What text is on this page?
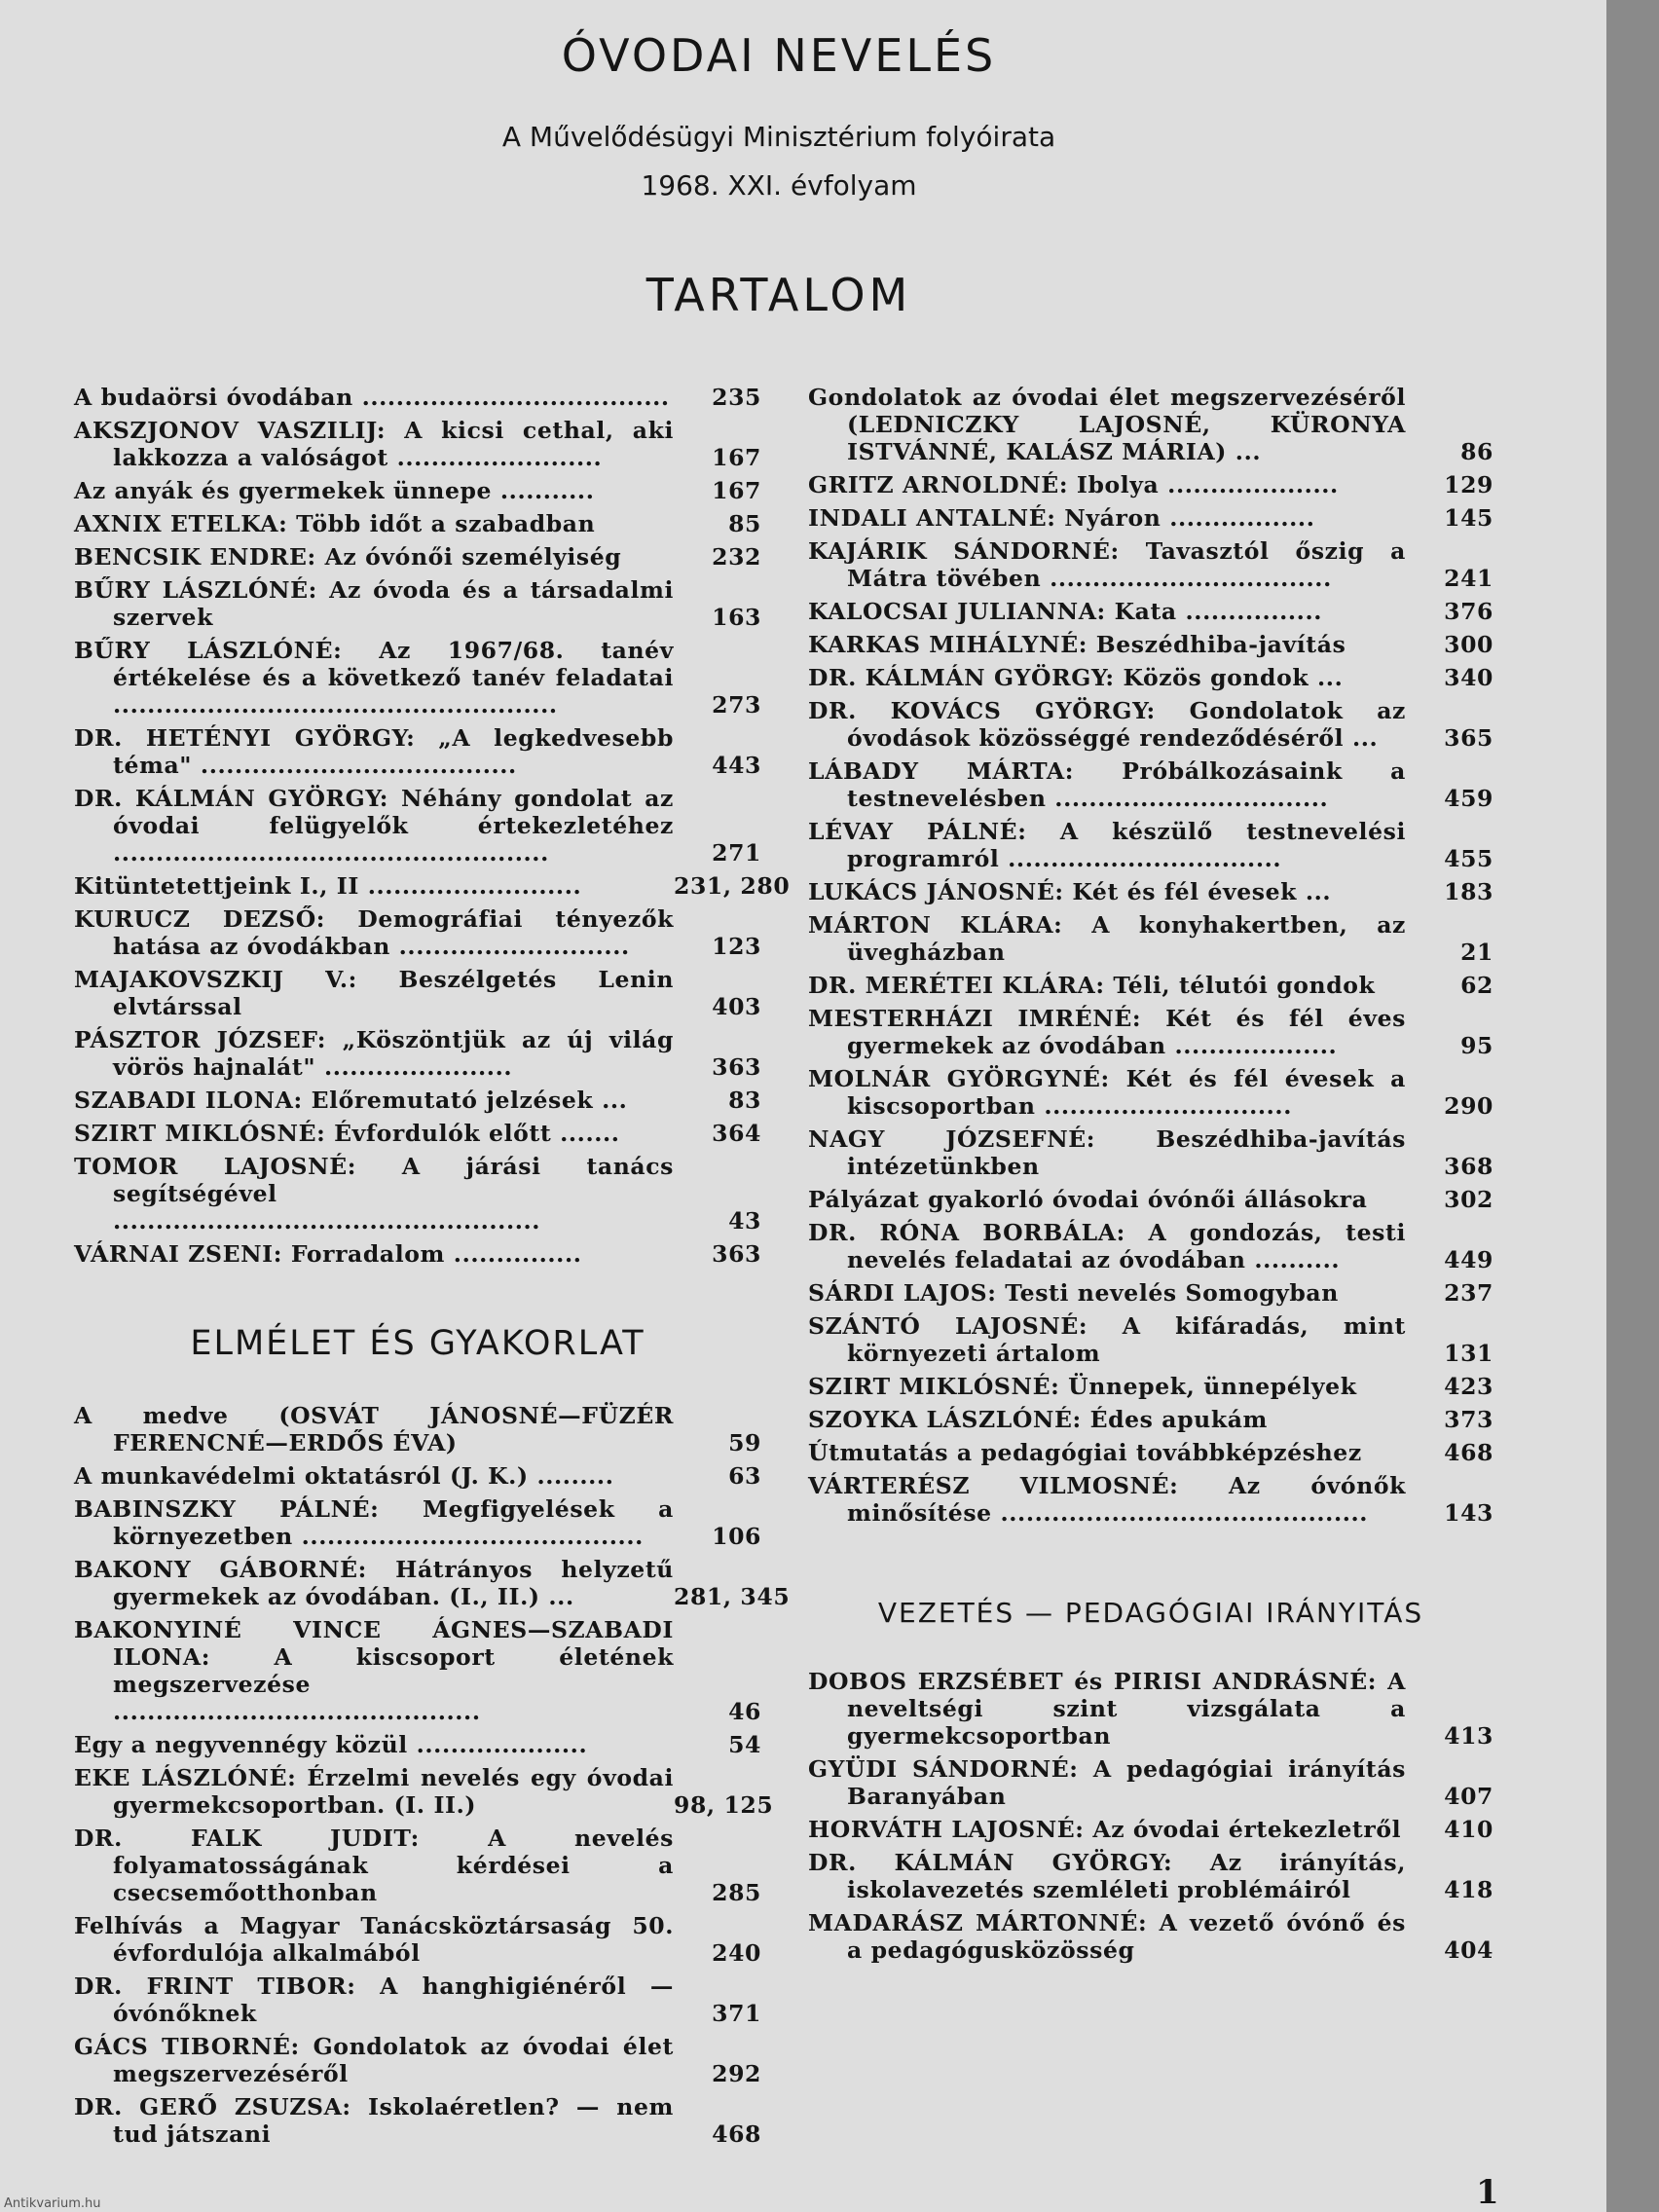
ÓVODAI NEVELÉS
A Művelődésügyi Minisztérium folyóirata
1968. XXI. évfolyam
TARTALOM
A budaörsi óvodában ....................................	235
AKSZJONOV VASZILIJ: A kicsi cethal, aki lakkozza a valóságot ........................	167
Az anyák és gyermekek ünnepe ...........	167
AXNIX ETELKA: Több időt a szabadban	85
BENCSIK ENDRE: Az óvónői személyiség	232
BŰRY LÁSZLÓNÉ: Az óvoda és a társadalmi szervek	163
BŰRY LÁSZLÓNÉ: Az 1967/68. tanév értékelése és a következő tanév feladatai ....................................................	273
DR. HETÉNYI GYÖRGY: „A legkedvesebb téma" .....................................	443
DR. KÁLMÁN GYÖRGY: Néhány gondolat az óvodai felügyelők értekezletéhez ...................................................	271
Kitüntetettjeink I., II .........................	231, 280
KURUCZ DEZSŐ: Demográfiai tényezők hatása az óvodákban ...........................	123
MAJAKOVSZKIJ V.: Beszélgetés Lenin elvtárssal	403
PÁSZTOR JÓZSEF: „Köszöntjük az új világ vörös hajnalát" ......................	363
SZABADI ILONA: Előremutató jelzések ...	83
SZIRT MIKLÓSNÉ: Évfordulók előtt .......	364
TOMOR LAJOSNÉ: A járási tanács segítségével ..................................................	43
VÁRNAI ZSENI: Forradalom ...............	363
ELMÉLET ÉS GYAKORLAT
A medve (OSVÁT JÁNOSNÉ—FÜZÉR FERENCNÉ—ERDŐS ÉVA)	59
A munkavédelmi oktatásról (J. K.) .........	63
BABINSZKY PÁLNÉ: Megfigyelések a környezetben ........................................	106
BAKONY GÁBORNÉ: Hátrányos helyzetű gyermekek az óvodában. (I., II.) ...	281, 345
BAKONYINÉ VINCE ÁGNES—SZABADI ILONA: A kiscsoport életének megszervezése ...........................................	46
Egy a negyvennégy közül ....................	54
EKE LÁSZLÓNÉ: Érzelmi nevelés egy óvodai gyermekcsoportban. (I. II.)	98, 125
DR. FALK JUDIT: A nevelés folyamatosságának kérdései a csecsemőotthonban	285
Felhívás a Magyar Tanácsköztársaság 50. évfordulója alkalmából	240
DR. FRINT TIBOR: A hanghigiénéről — óvónőknek	371
GÁCS TIBORNÉ: Gondolatok az óvodai élet megszervezéséről	292
DR. GERŐ ZSUZSA: Iskolaéretlen? — nem tud játszani	468
Gondolatok az óvodai élet megszervezéséről (LEDNICZKY LAJOSNÉ, KÜRONYA ISTVÁNNÉ, KALÁSZ MÁRIA) ...	86
GRITZ ARNOLDNÉ: Ibolya ....................	129
INDALI ANTALNÉ: Nyáron .................	145
KAJÁRIK SÁNDORNÉ: Tavasztól őszig a Mátra tövében .................................	241
KALOCSAI JULIANNA: Kata ................	376
KARKAS MIHÁLYNÉ: Beszédhiba-javítás	300
DR. KÁLMÁN GYÖRGY: Közös gondok ...	340
DR. KOVÁCS GYÖRGY: Gondolatok az óvodások közösséggé rendeződéséről ...	365
LÁBADY MÁRTA: Próbálkozásaink a testnevelésben ................................	459
LÉVAY PÁLNÉ: A készülő testnevelési programról ................................	455
LUKÁCS JÁNOSNÉ: Két és fél évesek ...	183
MÁRTON KLÁRA: A konyhakertben, az üvegházban	21
DR. MERÉTEI KLÁRA: Téli, télutói gondok	62
MESTERHÁZI IMRÉNÉ: Két és fél éves gyermekek az óvodában ...................	95
MOLNÁR GYÖRGYNÉ: Két és fél évesek a kiscsoportban .............................	290
NAGY JÓZSEFNÉ: Beszédhiba-javítás intézetünkben	368
Pályázat gyakorló óvodai óvónői állásokra	302
DR. RÓNA BORBÁLA: A gondozás, testi nevelés feladatai az óvodában ..........	449
SÁRDI LAJOS: Testi nevelés Somogyban	237
SZÁNTÓ LAJOSNÉ: A kifáradás, mint környezeti ártalom	131
SZIRT MIKLÓSNÉ: Ünnepek, ünnepélyek	423
SZOYKA LÁSZLÓNÉ: Édes apukám	373
Útmutatás a pedagógiai továbbképzéshez	468
VÁRTERÉSZ VILMOSNÉ: Az óvónők minősítése ...........................................	143
VEZETÉS — PEDAGÓGIAI IRÁNYITÁS
DOBOS ERZSÉBET és PIRISI ANDRÁSNÉ: A neveltségi szint vizsgálata a gyermekcsoportban	413
GYÜDI SÁNDORNÉ: A pedagógiai irányítás Baranyában	407
HORVÁTH LAJOSNÉ: Az óvodai értekezletről	410
DR. KÁLMÁN GYÖRGY: Az irányítás, iskolavezetés szemléleti problémáiról	418
MADARÁSZ MÁRTONNÉ: A vezető óvónő és a pedagógusközösség	404
1
Antikvarium.hu
